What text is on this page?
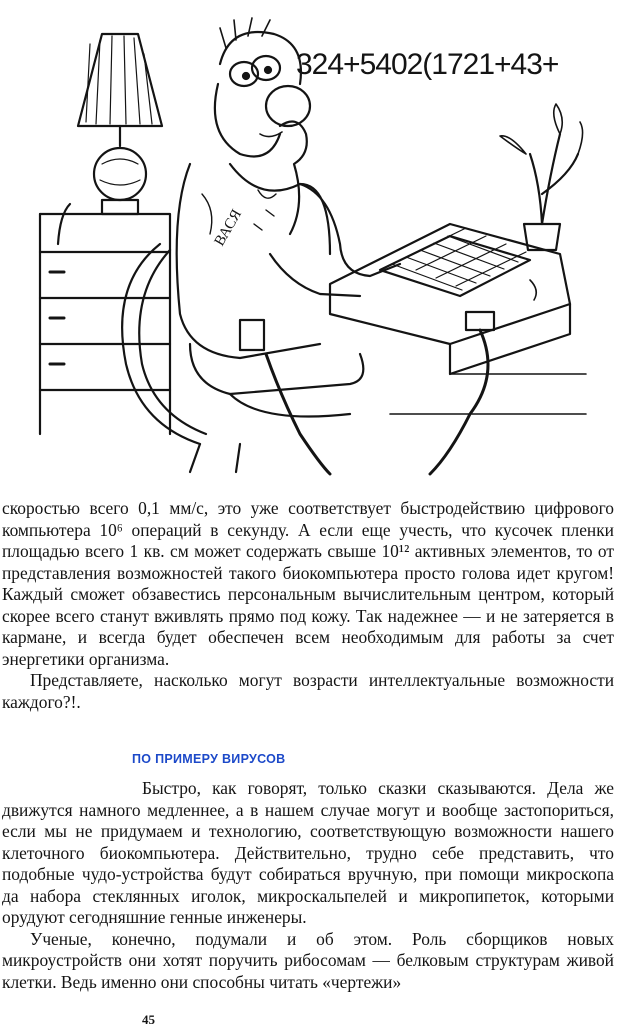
ВАСЯ
324+5402(1721+43+

скоростью всего 0,1 мм/с, это уже соответствует быстродействию цифрового компьютера 10⁶ операций в секунду. А если еще учесть, что кусочек пленки площадью всего 1 кв. см может содержать свыше 10¹² активных элементов, то от представления возможностей такого биокомпьютера просто голова идет кругом! Каждый сможет обзавестись персональным вычислительным центром, который скорее всего станут вживлять прямо под кожу. Так надежнее — и не затеряется в кармане, и всегда будет обеспечен всем необходимым для работы за счет энергетики организма.

Представляете, насколько могут возрасти интеллектуальные возможности каждого?!.

ПО ПРИМЕРУ ВИРУСОВ

Быстро, как говорят, только сказки сказываются. Дела же движутся намного медленнее, а в нашем случае могут и вообще застопориться, если мы не придумаем и технологию, соответствующую возможности нашего клеточного биокомпьютера. Действительно, трудно себе представить, что подобные чудо-устройства будут собираться вручную, при помощи микроскопа да набора стеклянных иголок, микроскальпелей и микропипеток, которыми орудуют сегодняшние генные инженеры.

Ученые, конечно, подумали и об этом. Роль сборщиков новых микроустройств они хотят поручить рибосомам — белковым структурам живой клетки. Ведь именно они способны читать «чертежи»

45
